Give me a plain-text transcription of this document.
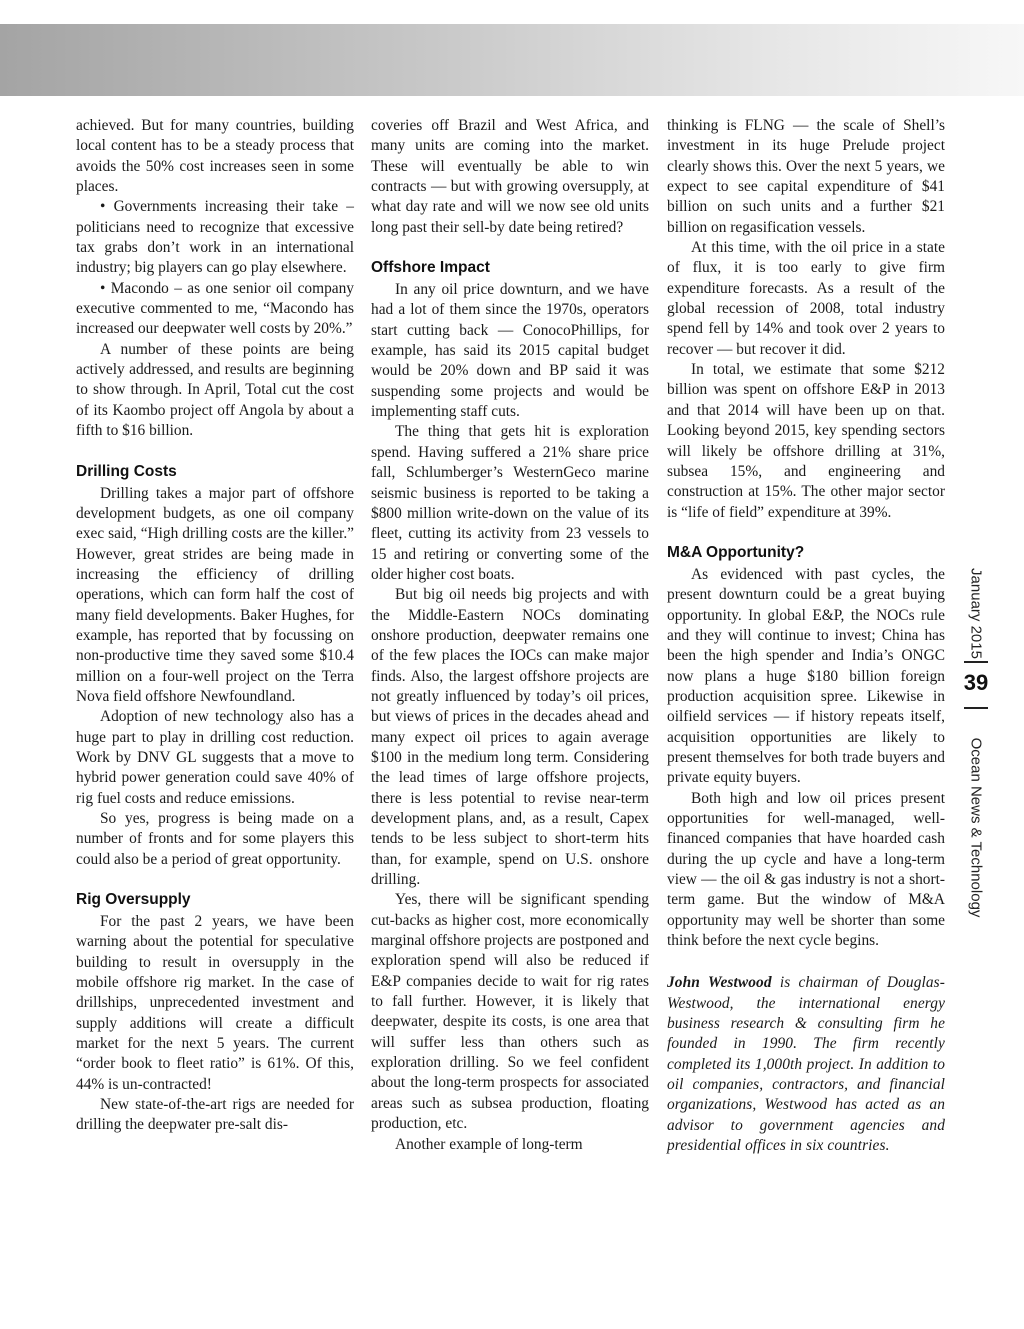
achieved. But for many countries, building local content has to be a steady process that avoids the 50% cost increases seen in some places.

• Governments increasing their take – politicians need to recognize that excessive tax grabs don’t work in an international industry; big players can go play elsewhere.

• Macondo – as one senior oil company executive commented to me, “Macondo has increased our deepwater well costs by 20%.”

A number of these points are being actively addressed, and results are beginning to show through. In April, Total cut the cost of its Kaombo project off Angola by about a fifth to $16 billion.

Drilling Costs

Drilling takes a major part of offshore development budgets, as one oil company exec said, “High drilling costs are the killer.” However, great strides are being made in increasing the efficiency of drilling operations, which can form half the cost of many field developments. Baker Hughes, for example, has reported that by focussing on non-productive time they saved some $10.4 million on a four-well project on the Terra Nova field offshore Newfoundland.

Adoption of new technology also has a huge part to play in drilling cost reduction. Work by DNV GL suggests that a move to hybrid power generation could save 40% of rig fuel costs and reduce emissions.

So yes, progress is being made on a number of fronts and for some players this could also be a period of great opportunity.

Rig Oversupply

For the past 2 years, we have been warning about the potential for speculative building to result in oversupply in the mobile offshore rig market. In the case of drillships, unprecedented investment and supply additions will create a difficult market for the next 5 years. The current “order book to fleet ratio” is 61%. Of this, 44% is un-contracted!

New state-of-the-art rigs are needed for drilling the deepwater pre-salt dis-

coveries off Brazil and West Africa, and many units are coming into the market. These will eventually be able to win contracts — but with growing oversupply, at what day rate and will we now see old units long past their sell-by date being retired?

Offshore Impact

In any oil price downturn, and we have had a lot of them since the 1970s, operators start cutting back — ConocoPhillips, for example, has said its 2015 capital budget would be 20% down and BP said it was suspending some projects and would be implementing staff cuts.

The thing that gets hit is exploration spend. Having suffered a 21% share price fall, Schlumberger’s WesternGeco marine seismic business is reported to be taking a $800 million write-down on the value of its fleet, cutting its activity from 23 vessels to 15 and retiring or converting some of the older higher cost boats.

But big oil needs big projects and with the Middle-Eastern NOCs dominating onshore production, deepwater remains one of the few places the IOCs can make major finds. Also, the largest offshore projects are not greatly influenced by today’s oil prices, but views of prices in the decades ahead and many expect oil prices to again average $100 in the medium long term. Considering the lead times of large offshore projects, there is less potential to revise near-term development plans, and, as a result, Capex tends to be less subject to short-term hits than, for example, spend on U.S. onshore drilling.

Yes, there will be significant spending cut-backs as higher cost, more economically marginal offshore projects are postponed and exploration spend will also be reduced if E&P companies decide to wait for rig rates to fall further. However, it is likely that deepwater, despite its costs, is one area that will suffer less than others such as exploration drilling. So we feel confident about the long-term prospects for associated areas such as subsea production, floating production, etc.

Another example of long-term

thinking is FLNG — the scale of Shell’s investment in its huge Prelude project clearly shows this. Over the next 5 years, we expect to see capital expenditure of $41 billion on such units and a further $21 billion on regasification vessels.

At this time, with the oil price in a state of flux, it is too early to give firm expenditure forecasts. As a result of the global recession of 2008, total industry spend fell by 14% and took over 2 years to recover — but recover it did.

In total, we estimate that some $212 billion was spent on offshore E&P in 2013 and that 2014 will have been up on that. Looking beyond 2015, key spending sectors will likely be offshore drilling at 31%, subsea 15%, and engineering and construction at 15%. The other major sector is “life of field” expenditure at 39%.

M&A Opportunity?

As evidenced with past cycles, the present downturn could be a great buying opportunity. In global E&P, the NOCs rule and they will continue to invest; China has been the high spender and India’s ONGC now plans a huge $180 billion foreign production acquisition spree. Likewise in oilfield services — if history repeats itself, acquisition opportunities are likely to present themselves for both trade buyers and private equity buyers.

Both high and low oil prices present opportunities for well-managed, well-financed companies that have hoarded cash during the up cycle and have a long-term view — the oil & gas industry is not a short-term game. But the window of M&A opportunity may well be shorter than some think before the next cycle begins.

John Westwood is chairman of Douglas-Westwood, the international energy business research & consulting firm he founded in 1990. The firm recently completed its 1,000th project. In addition to oil companies, contractors, and financial organizations, Westwood has acted as an advisor to government agencies and presidential offices in six countries.

January 2015
39
Ocean News & Technology
